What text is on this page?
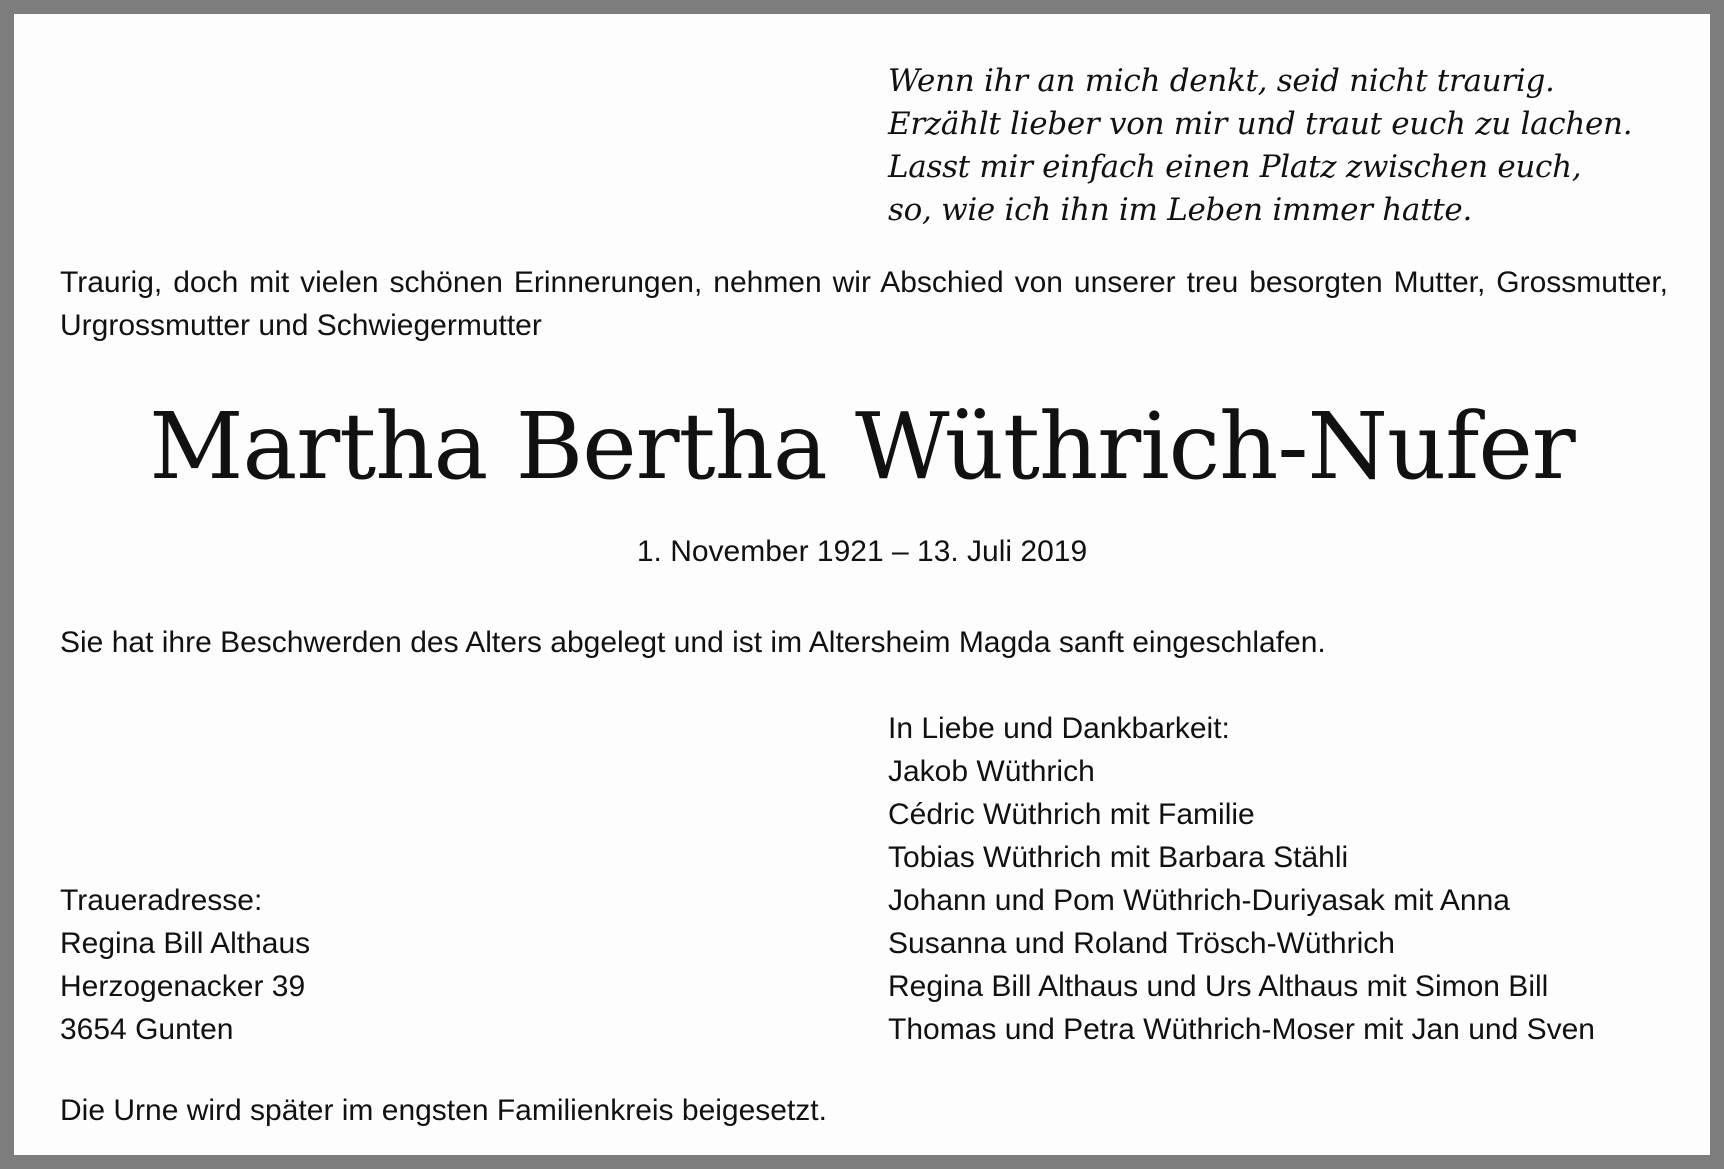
Wenn ihr an mich denkt, seid nicht traurig.
Erzählt lieber von mir und traut euch zu lachen.
Lasst mir einfach einen Platz zwischen euch,
so, wie ich ihn im Leben immer hatte.
Traurig, doch mit vielen schönen Erinnerungen, nehmen wir Abschied von unserer treu besorgten Mutter, Grossmutter, Urgrossmutter und Schwiegermutter
Martha Bertha Wüthrich-Nufer
1. November 1921 – 13. Juli 2019
Sie hat ihre Beschwerden des Alters abgelegt und ist im Altersheim Magda sanft eingeschlafen.
In Liebe und Dankbarkeit:
Jakob Wüthrich
Cédric Wüthrich mit Familie
Tobias Wüthrich mit Barbara Stähli
Johann und Pom Wüthrich-Duriyasak mit Anna
Susanna und Roland Trösch-Wüthrich
Regina Bill Althaus und Urs Althaus mit Simon Bill
Thomas und Petra Wüthrich-Moser mit Jan und Sven
Traueradresse:
Regina Bill Althaus
Herzogenacker 39
3654 Gunten
Die Urne wird später im engsten Familienkreis beigesetzt.
